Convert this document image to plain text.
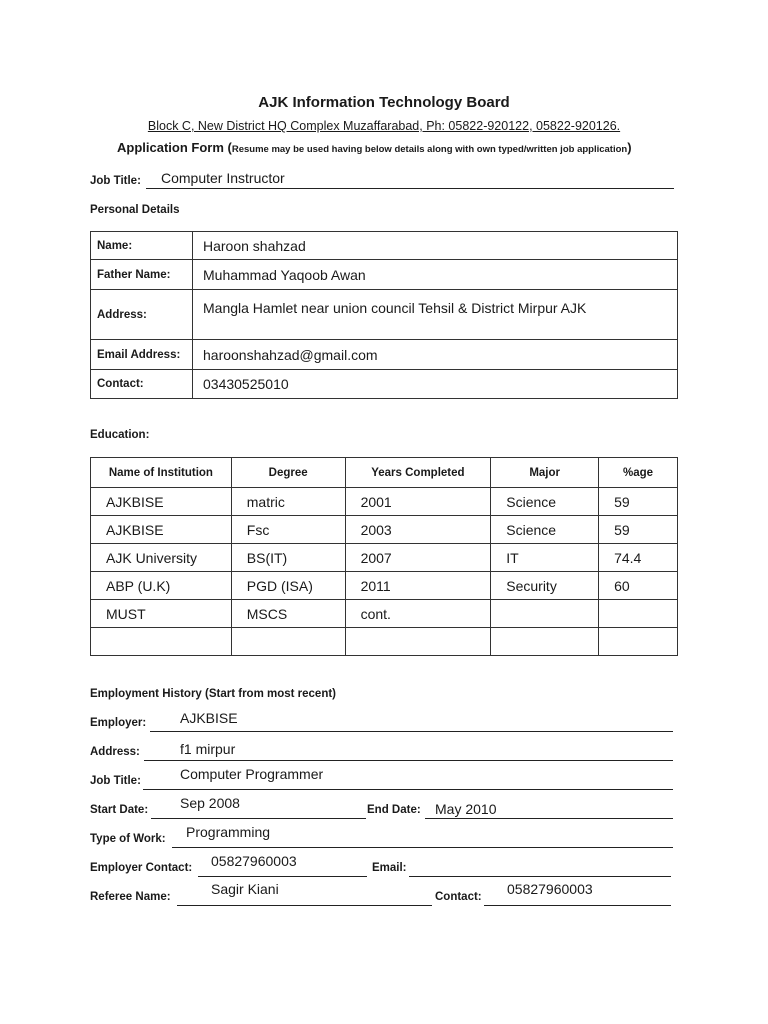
AJK Information Technology Board
Block C, New District HQ Complex Muzaffarabad, Ph: 05822-920122, 05822-920126.
Application Form (Resume may be used having below details along with own typed/written job application)
Job Title: Computer Instructor
Personal Details
Name:	Haroon shahzad
Father Name:	Muhammad Yaqoob Awan
Address:	Mangla Hamlet near union council Tehsil & District Mirpur AJK
Email Address:	haroonshahzad@gmail.com
Contact:	03430525010
Education:
Name of Institution	Degree	Years Completed	Major	%age
AJKBISE	matric	2001	Science	59
AJKBISE	Fsc	2003	Science	59
AJK University	BS(IT)	2007	IT	74.4
ABP (U.K)	PGD (ISA)	2011	Security	60
MUST	MSCS	cont.		

Employment History (Start from most recent)
Employer: AJKBISE
Address:	f1 mirpur
Job Title:	Computer Programmer
Start Date: Sep 2008	End Date: May 2010
Type of Work: Programming
Employer Contact: 05827960003	Email:
Referee Name:	Sagir Kiani	Contact: 05827960003
